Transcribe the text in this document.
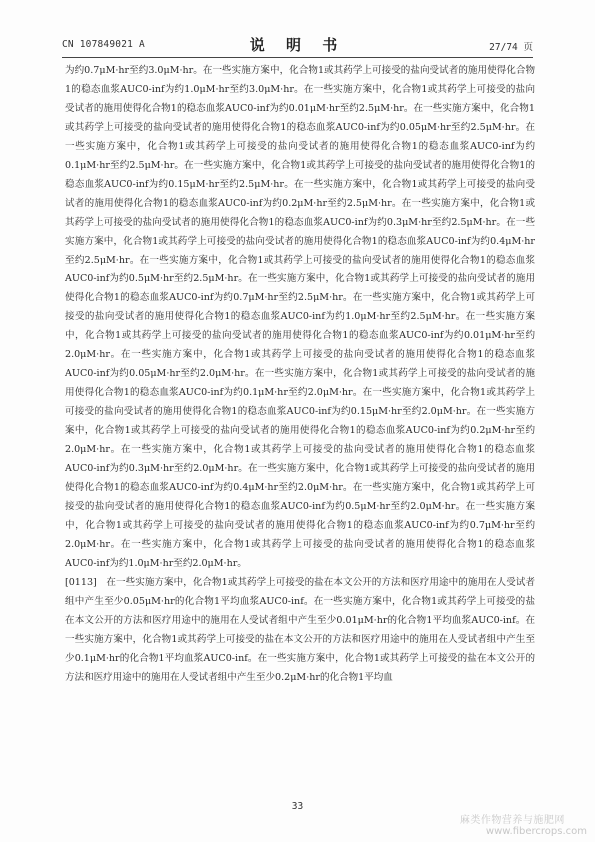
CN 107849021 A	说 明 书	27/74 页

为约0.7μM·hr至约3.0μM·hr。在一些实施方案中，化合物1或其药学上可接受的盐向受试者的施用使得化合物1的稳态血浆AUC0-inf为约1.0μM·hr至约3.0μM·hr。在一些实施方案中，化合物1或其药学上可接受的盐向受试者的施用使得化合物1的稳态血浆AUC0-inf为约0.01μM·hr至约2.5μM·hr。在一些实施方案中，化合物1或其药学上可接受的盐向受试者的施用使得化合物1的稳态血浆AUC0-inf为约0.05μM·hr至约2.5μM·hr。在一些实施方案中，化合物1或其药学上可接受的盐向受试者的施用使得化合物1的稳态血浆AUC0-inf为约0.1μM·hr至约2.5μM·hr。在一些实施方案中，化合物1或其药学上可接受的盐向受试者的施用使得化合物1的稳态血浆AUC0-inf为约0.15μM·hr至约2.5μM·hr。在一些实施方案中，化合物1或其药学上可接受的盐向受试者的施用使得化合物1的稳态血浆AUC0-inf为约0.2μM·hr至约2.5μM·hr。在一些实施方案中，化合物1或其药学上可接受的盐向受试者的施用使得化合物1的稳态血浆AUC0-inf为约0.3μM·hr至约2.5μM·hr。在一些实施方案中，化合物1或其药学上可接受的盐向受试者的施用使得化合物1的稳态血浆AUC0-inf为约0.4μM·hr至约2.5μM·hr。在一些实施方案中，化合物1或其药学上可接受的盐向受试者的施用使得化合物1的稳态血浆AUC0-inf为约0.5μM·hr至约2.5μM·hr。在一些实施方案中，化合物1或其药学上可接受的盐向受试者的施用使得化合物1的稳态血浆AUC0-inf为约0.7μM·hr至约2.5μM·hr。在一些实施方案中，化合物1或其药学上可接受的盐向受试者的施用使得化合物1的稳态血浆AUC0-inf为约1.0μM·hr至约2.5μM·hr。在一些实施方案中，化合物1或其药学上可接受的盐向受试者的施用使得化合物1的稳态血浆AUC0-inf为约0.01μM·hr至约2.0μM·hr。在一些实施方案中，化合物1或其药学上可接受的盐向受试者的施用使得化合物1的稳态血浆AUC0-inf为约0.05μM·hr至约2.0μM·hr。在一些实施方案中，化合物1或其药学上可接受的盐向受试者的施用使得化合物1的稳态血浆AUC0-inf为约0.1μM·hr至约2.0μM·hr。在一些实施方案中，化合物1或其药学上可接受的盐向受试者的施用使得化合物1的稳态血浆AUC0-inf为约0.15μM·hr至约2.0μM·hr。在一些实施方案中，化合物1或其药学上可接受的盐向受试者的施用使得化合物1的稳态血浆AUC0-inf为约0.2μM·hr至约2.0μM·hr。在一些实施方案中，化合物1或其药学上可接受的盐向受试者的施用使得化合物1的稳态血浆AUC0-inf为约0.3μM·hr至约2.0μM·hr。在一些实施方案中，化合物1或其药学上可接受的盐向受试者的施用使得化合物1的稳态血浆AUC0-inf为约0.4μM·hr至约2.0μM·hr。在一些实施方案中，化合物1或其药学上可接受的盐向受试者的施用使得化合物1的稳态血浆AUC0-inf为约0.5μM·hr至约2.0μM·hr。在一些实施方案中，化合物1或其药学上可接受的盐向受试者的施用使得化合物1的稳态血浆AUC0-inf为约0.7μM·hr至约2.0μM·hr。在一些实施方案中，化合物1或其药学上可接受的盐向受试者的施用使得化合物1的稳态血浆AUC0-inf为约1.0μM·hr至约2.0μM·hr。

[0113]　在一些实施方案中，化合物1或其药学上可接受的盐在本文公开的方法和医疗用途中的施用在人受试者组中产生至少0.05μM·hr的化合物1平均血浆AUC0-inf。在一些实施方案中，化合物1或其药学上可接受的盐在本文公开的方法和医疗用途中的施用在人受试者组中产生至少0.01μM·hr的化合物1平均血浆AUC0-inf。在一些实施方案中，化合物1或其药学上可接受的盐在本文公开的方法和医疗用途中的施用在人受试者组中产生至少0.1μM·hr的化合物1平均血浆AUC0-inf。在一些实施方案中，化合物1或其药学上可接受的盐在本文公开的方法和医疗用途中的施用在人受试者组中产生至少0.2μM·hr的化合物1平均血

33
麻类作物营养与施肥网
www.fibercrops.com
